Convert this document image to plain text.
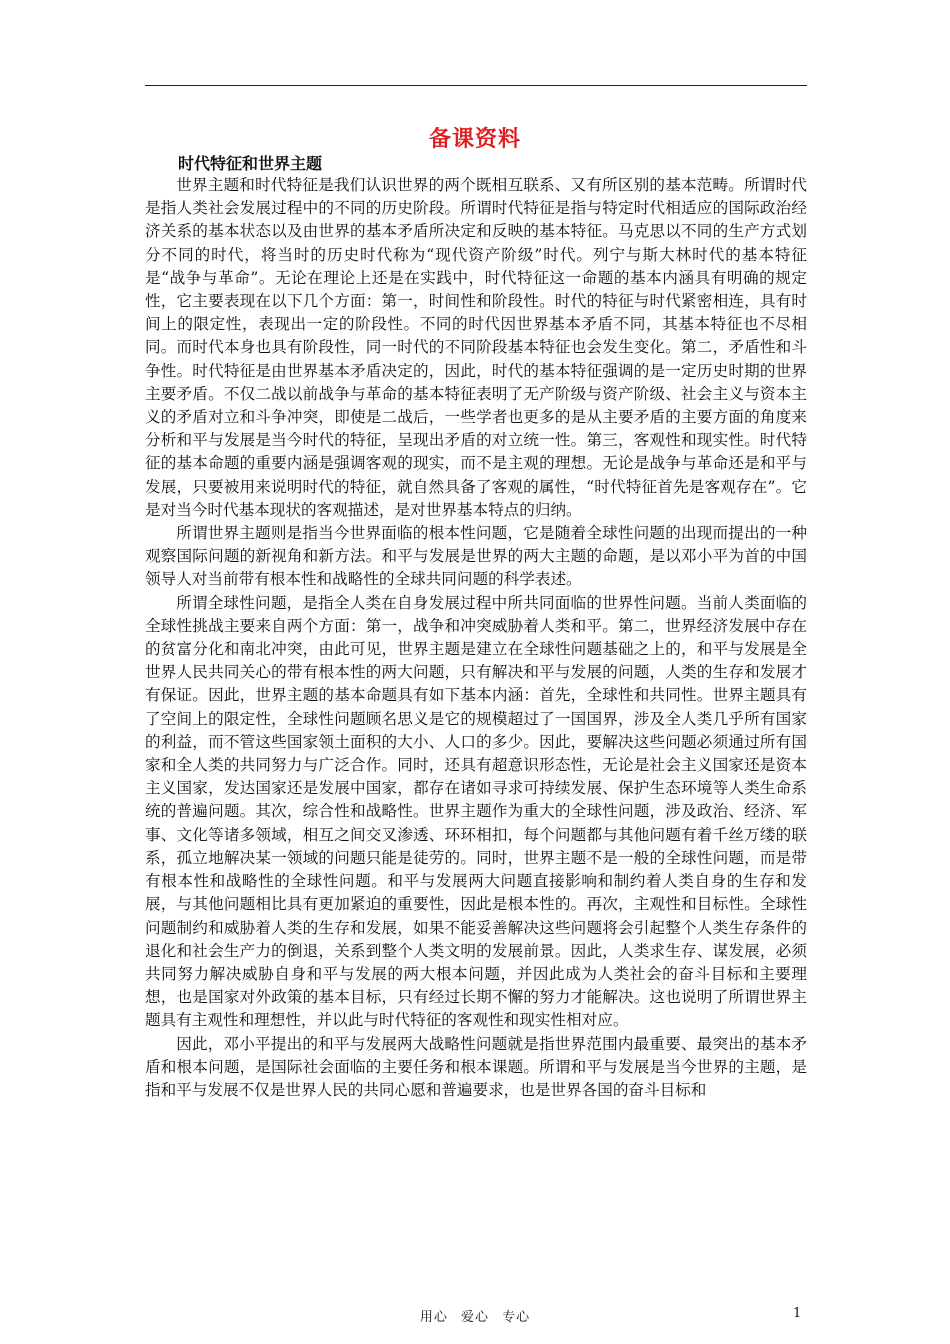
备课资料
时代特征和世界主题

世界主题和时代特征是我们认识世界的两个既相互联系、又有所区别的基本范畴。所谓时代是指人类社会发展过程中的不同的历史阶段。所谓时代特征是指与特定时代相适应的国际政治经济关系的基本状态以及由世界的基本矛盾所决定和反映的基本特征。马克思以不同的生产方式划分不同的时代，将当时的历史时代称为“现代资产阶级”时代。列宁与斯大林时代的基本特征是“战争与革命”。无论在理论上还是在实践中，时代特征这一命题的基本内涵具有明确的规定性，它主要表现在以下几个方面：第一，时间性和阶段性。时代的特征与时代紧密相连，具有时间上的限定性，表现出一定的阶段性。不同的时代因世界基本矛盾不同，其基本特征也不尽相同。而时代本身也具有阶段性，同一时代的不同阶段基本特征也会发生变化。第二，矛盾性和斗争性。时代特征是由世界基本矛盾决定的，因此，时代的基本特征强调的是一定历史时期的世界主要矛盾。不仅二战以前战争与革命的基本特征表明了无产阶级与资产阶级、社会主义与资本主义的矛盾对立和斗争冲突，即使是二战后，一些学者也更多的是从主要矛盾的主要方面的角度来分析和平与发展是当今时代的特征，呈现出矛盾的对立统一性。第三，客观性和现实性。时代特征的基本命题的重要内涵是强调客观的现实，而不是主观的理想。无论是战争与革命还是和平与发展，只要被用来说明时代的特征，就自然具备了客观的属性，“时代特征首先是客观存在”。它是对当今时代基本现状的客观描述，是对世界基本特点的归纳。

所谓世界主题则是指当今世界面临的根本性问题，它是随着全球性问题的出现而提出的一种观察国际问题的新视角和新方法。和平与发展是世界的两大主题的命题，是以邓小平为首的中国领导人对当前带有根本性和战略性的全球共同问题的科学表述。

所谓全球性问题，是指全人类在自身发展过程中所共同面临的世界性问题。当前人类面临的全球性挑战主要来自两个方面：第一，战争和冲突威胁着人类和平。第二，世界经济发展中存在的贫富分化和南北冲突，由此可见，世界主题是建立在全球性问题基础之上的，和平与发展是全世界人民共同关心的带有根本性的两大问题，只有解决和平与发展的问题，人类的生存和发展才有保证。因此，世界主题的基本命题具有如下基本内涵：首先，全球性和共同性。世界主题具有了空间上的限定性，全球性问题顾名思义是它的规模超过了一国国界，涉及全人类几乎所有国家的利益，而不管这些国家领土面积的大小、人口的多少。因此，要解决这些问题必须通过所有国家和全人类的共同努力与广泛合作。同时，还具有超意识形态性，无论是社会主义国家还是资本主义国家，发达国家还是发展中国家，都存在诸如寻求可持续发展、保护生态环境等人类生命系统的普遍问题。其次，综合性和战略性。世界主题作为重大的全球性问题，涉及政治、经济、军事、文化等诸多领域，相互之间交叉渗透、环环相扣，每个问题都与其他问题有着千丝万缕的联系，孤立地解决某一领域的问题只能是徒劳的。同时，世界主题不是一般的全球性问题，而是带有根本性和战略性的全球性问题。和平与发展两大问题直接影响和制约着人类自身的生存和发展，与其他问题相比具有更加紧迫的重要性，因此是根本性的。再次，主观性和目标性。全球性问题制约和威胁着人类的生存和发展，如果不能妥善解决这些问题将会引起整个人类生存条件的退化和社会生产力的倒退，关系到整个人类文明的发展前景。因此，人类求生存、谋发展，必须共同努力解决威胁自身和平与发展的两大根本问题，并因此成为人类社会的奋斗目标和主要理想，也是国家对外政策的基本目标，只有经过长期不懈的努力才能解决。这也说明了所谓世界主题具有主观性和理想性，并以此与时代特征的客观性和现实性相对应。

因此，邓小平提出的和平与发展两大战略性问题就是指世界范围内最重要、最突出的基本矛盾和根本问题，是国际社会面临的主要任务和根本课题。所谓和平与发展是当今世界的主题，是指和平与发展不仅是世界人民的共同心愿和普遍要求，也是世界各国的奋斗目标和

用心 爱心 专心	1
